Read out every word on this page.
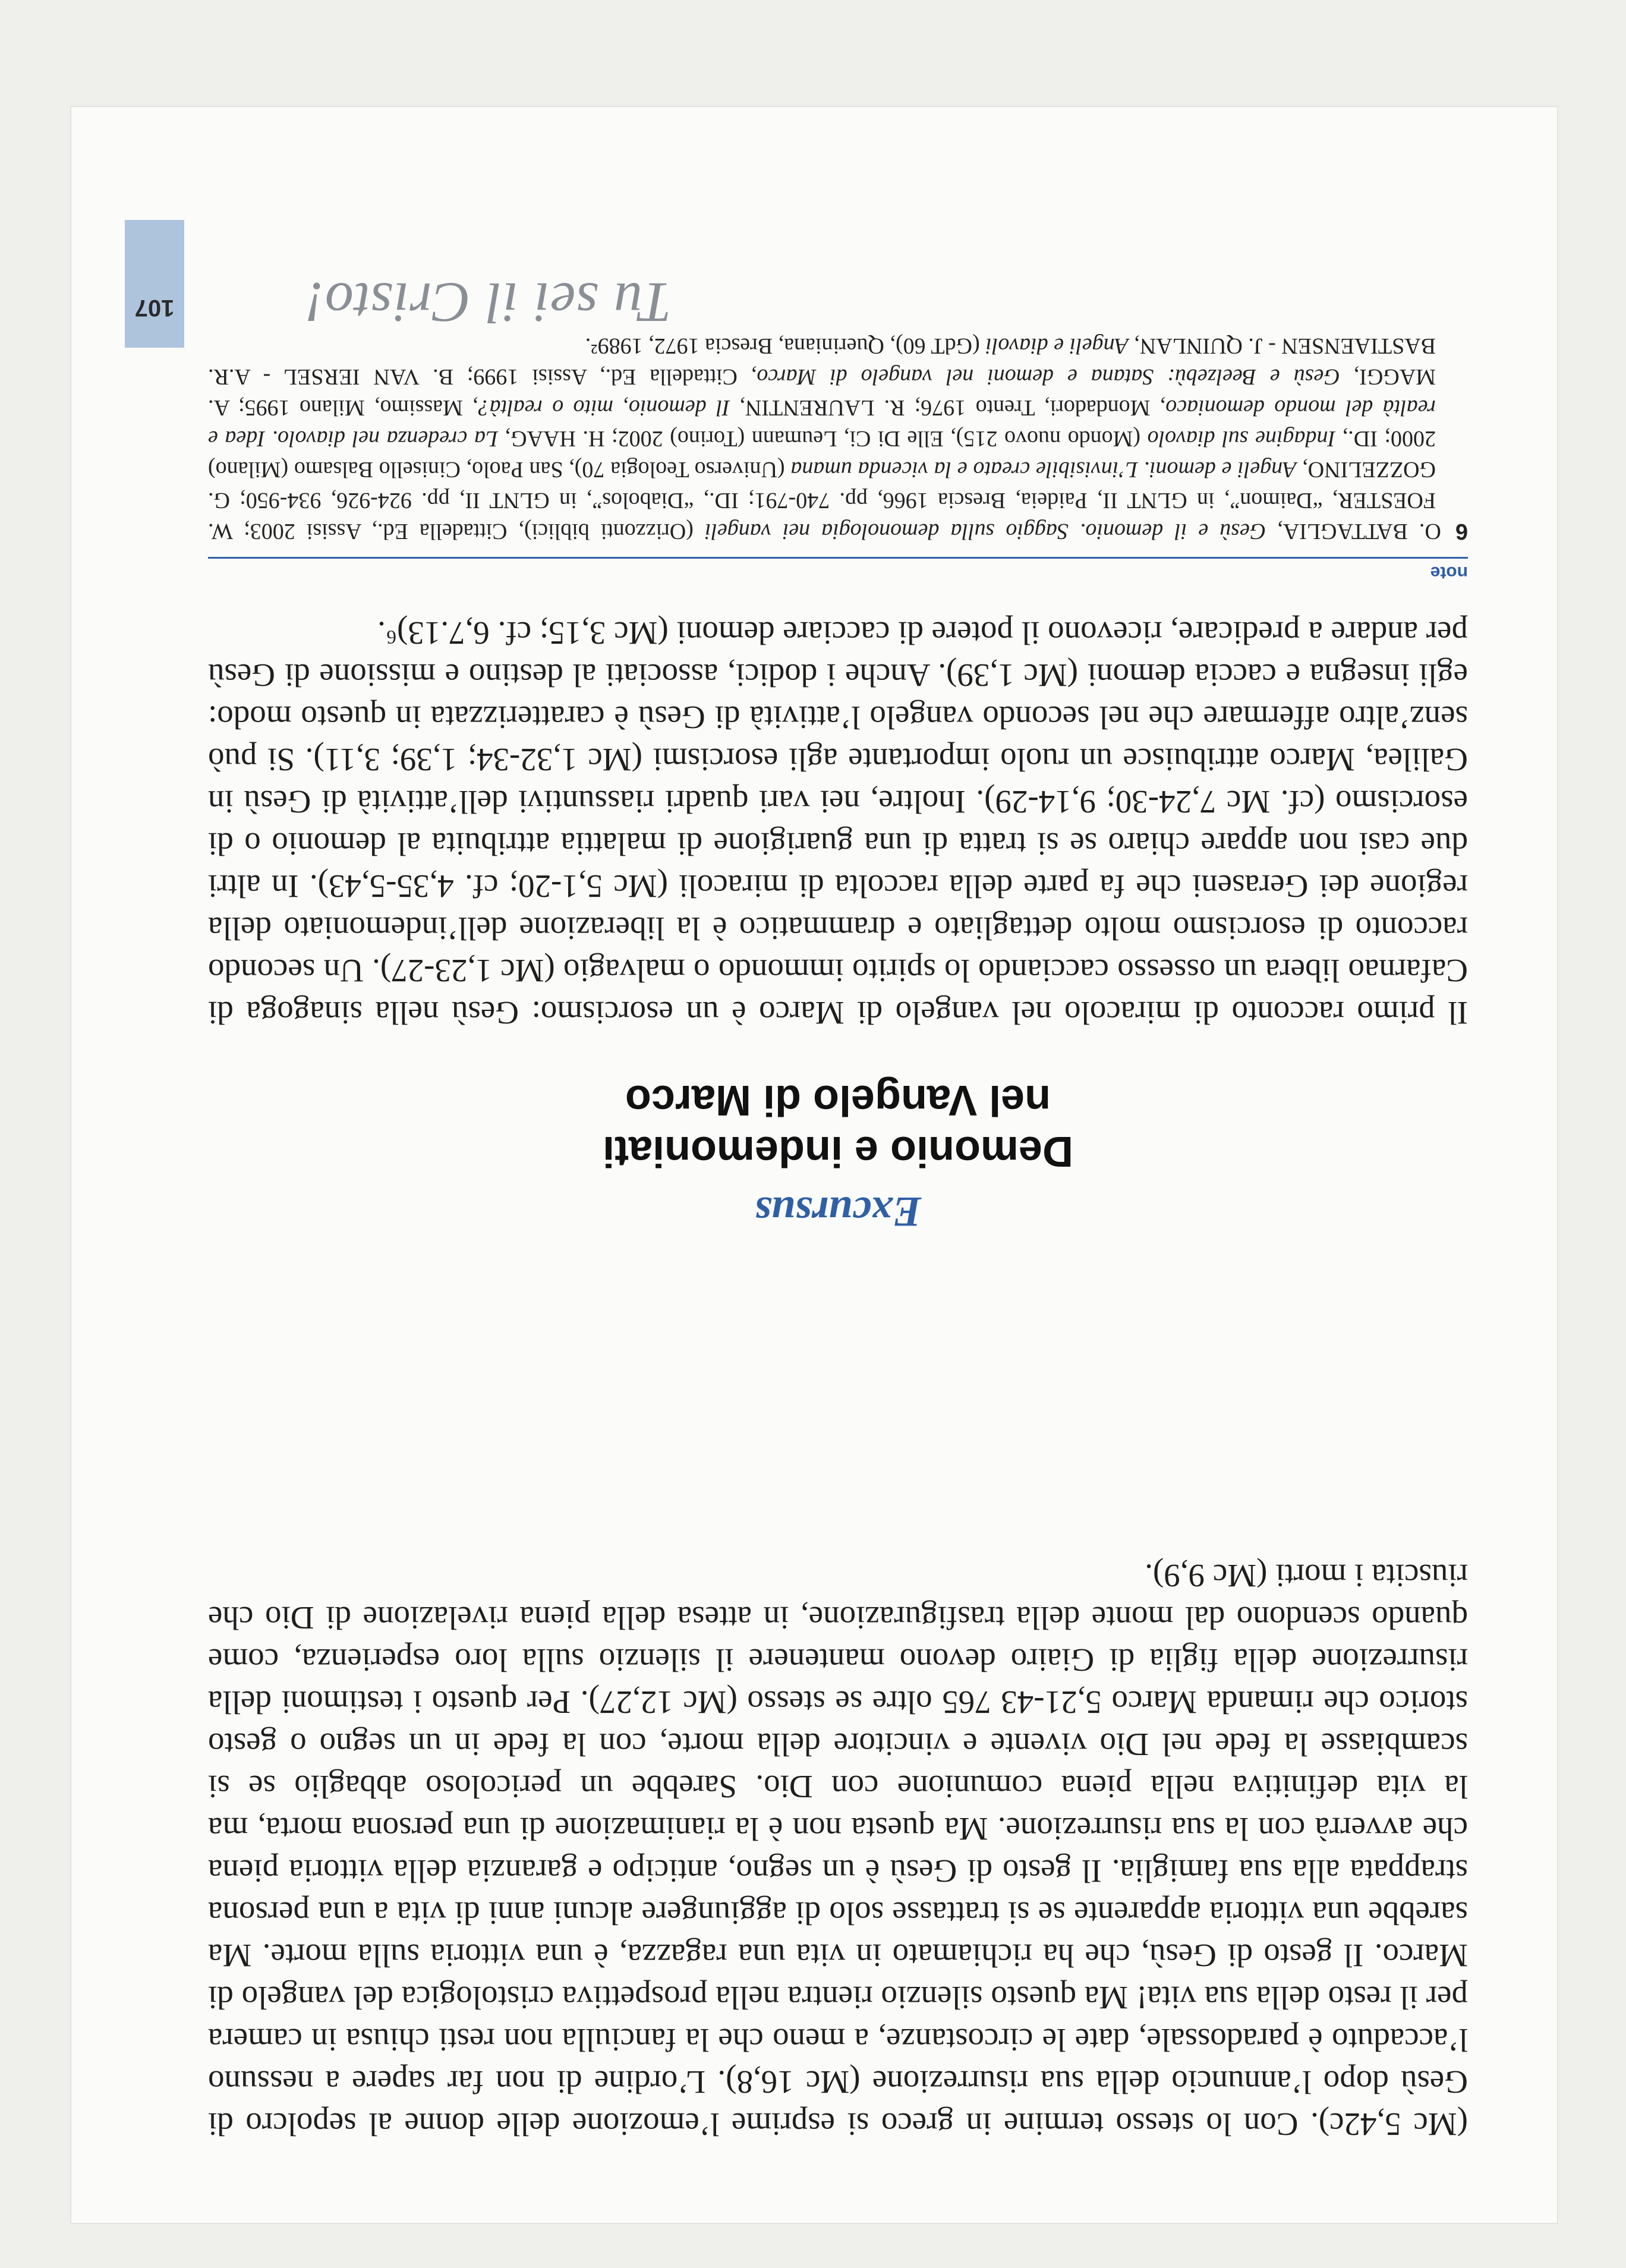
107 Tu sei il Cristo!

(Mc 5,42c). Con lo stesso termine in greco si esprime l’emozione delle donne al sepolcro di Gesù dopo l’annuncio della sua risurrezione (Mc 16,8). L’ordine di non far sapere a nessuno l’accaduto è paradossale, date le circostanze, a meno che la fanciulla non resti chiusa in camera per il resto della sua vita! Ma questo silenzio rientra nella prospettiva cristologica del vangelo di Marco. Il gesto di Gesù, che ha richiamato in vita una ragazza, è una vittoria sulla morte. Ma sarebbe una vittoria apparente se si trattasse solo di aggiungere alcuni anni di vita a una persona strappata alla sua famiglia. Il gesto di Gesù è un segno, anticipo e garanzia della vittoria piena che avverrà con la sua risurrezione. Ma questa non è la rianimazione di una persona morta, ma la vita definitiva nella piena comunione con Dio. Sarebbe un pericoloso abbaglio se si scambiasse la fede nel Dio vivente e vincitore della morte, con la fede in un segno o gesto storico che rimanda Marco 5,21-43 765 oltre se stesso (Mc 12,27). Per questo i testimoni della risurrezione della figlia di Giairo devono mantenere il silenzio sulla loro esperienza, come quando scendono dal monte della trasfigurazione, in attesa della piena rivelazione di Dio che riuscita i morti (Mc 9,9).

Excursus
Demonio e indemoniati
nel Vangelo di Marco

Il primo racconto di miracolo nel vangelo di Marco è un esorcismo: Gesù nella sinagoga di Cafarnao libera un ossesso cacciando lo spirito immondo o malvagio (Mc 1,23-27). Un secondo racconto di esorcismo molto dettagliato e drammatico è la liberazione dell’indemoniato della regione dei Geraseni che fa parte della raccolta di miracoli (Mc 5,1-20; cf. 4,35-5,43). In altri due casi non appare chiaro se si tratta di una guarigione di malattia attribuita al demonio o di esorcismo (cf. Mc 7,24-30; 9,14-29). Inoltre, nei vari quadri riassuntivi dell’attività di Gesù in Galilea, Marco attribuisce un ruolo importante agli esorcismi (Mc 1,32-34; 1,39; 3,11). Si può senz’altro affermare che nel secondo vangelo l’attività di Gesù è caratterizzata in questo modo: egli insegna e caccia demoni (Mc 1,39). Anche i dodici, associati al destino e missione di Gesù per andare a predicare, ricevono il potere di cacciare demoni (Mc 3,15; cf. 6,7.13)⁶.

note
6O. BATTAGLIA, Gesù e il demonio. Saggio sulla demonologia nei vangeli (Orizzonti biblici), Cittadella Ed., Assisi 2003; W. FOESTER, “Daimon”, in GLNT II, Paideia, Brescia 1966, pp. 740-791; ID., “Diabolos”, in GLNT II, pp. 924-926, 934-950; G. GOZZELINO, Angeli e demoni. L’invisibile creato e la vicenda umana (Universo Teologia 70), San Paolo, Cinisello Balsamo (Milano) 2000; ID., Indagine sul diavolo (Mondo nuovo 215), Elle Di Ci, Leumann (Torino) 2002; H. HAAG, La credenza nel diavolo. Idea e realtà del mondo demoniaco, Mondadori, Trento 1976; R. LAURENTIN, Il demonio, mito o realtà?, Massimo, Milano 1995; A. MAGGI, Gesù e Beelzebù: Satana e demoni nel vangelo di Marco, Cittadella Ed., Assisi 1999; B. VAN IERSEL - A.R. BASTIAENSEN - J. QUINLAN, Angeli e diavoli (GdT 60), Queriniana, Brescia 1972, 1989².
